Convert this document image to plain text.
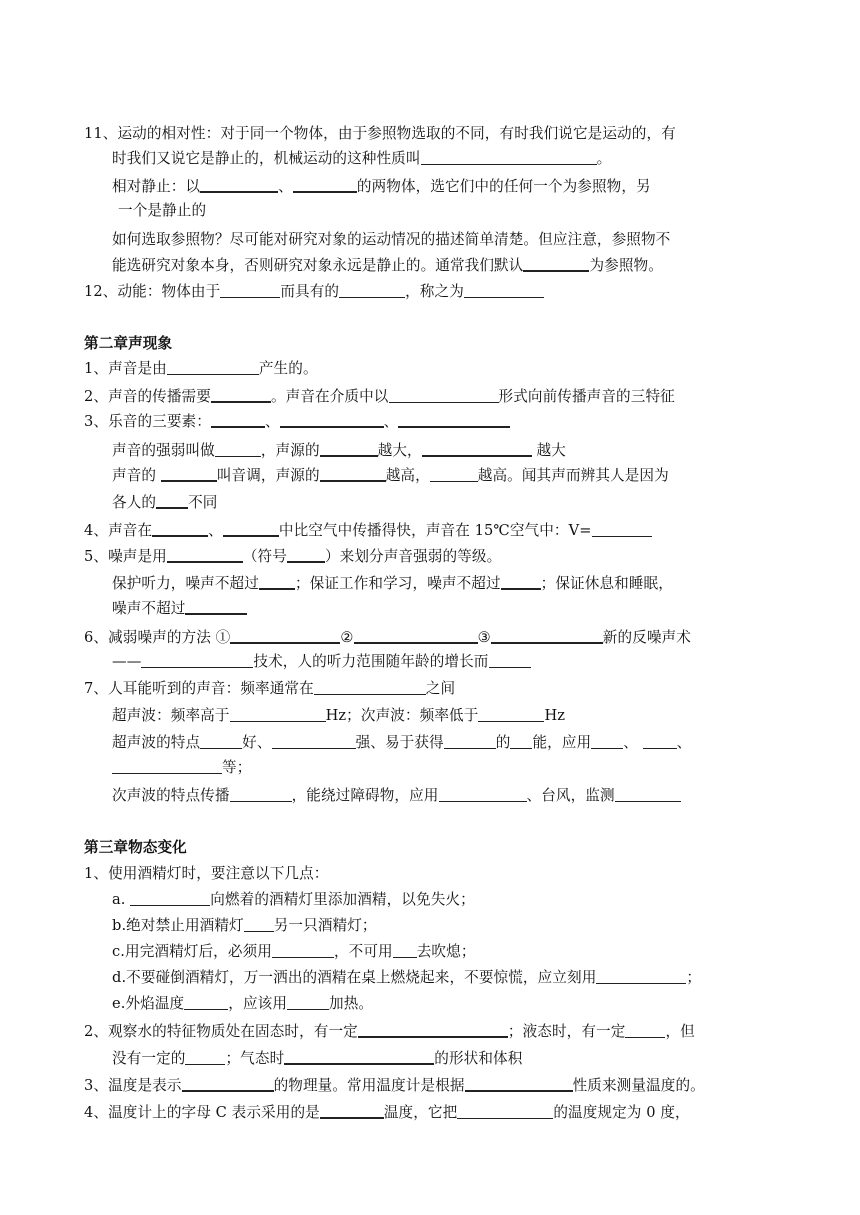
11、运动的相对性：对于同一个物体，由于参照物选取的不同，有时我们说它是运动的，有
时我们又说它是静止的，机械运动的这种性质叫	。
相对静止：以	、	的两物体，选它们中的任何一个为参照物，另
一个是静止的
如何选取参照物？尽可能对研究对象的运动情况的描述简单清楚。但应注意，参照物不
能选研究对象本身，否则研究对象永远是静止的。通常我们默认	为参照物。
12、动能：物体由于	而具有的	，称之为
第二章声现象
1、声音是由	产生的。
2、声音的传播需要	。声音在介质中以	形式向前传播声音的三特征
3、乐音的三要素：	、	、
声音的强弱叫做	，声源的	越大，	越大
声音的	叫音调，声源的	越高，	越高。闻其声而辨其人是因为
各人的 不同
4、声音在	、	中比空气中传播得快，声音在 15℃空气中：V=
5、噪声是用	（符号	）来划分声音强弱的等级。
保护听力，噪声不超过 ；保证工作和学习，噪声不超过	；保证休息和睡眠，
噪声不超过
6、减弱噪声的方法 ①	②	③	新的反噪声术
——	技术，人的听力范围随年龄的增长而
7、人耳能听到的声音：频率通常在	之间
超声波：频率高于	Hz；次声波：频率低于	Hz
超声波的特点	好、	强、易于获得	的 能，应用 、 、
等；
次声波的特点传播	，能绕过障碍物，应用	、台风，监测
第三章物态变化
1、使用酒精灯时，要注意以下几点：
a.	向燃着的酒精灯里添加酒精，以免失火；
b.绝对禁止用酒精灯 另一只酒精灯；
c.用完酒精灯后，必须用	，不可用 去吹熄；
d.不要碰倒酒精灯，万一洒出的酒精在桌上燃烧起来，不要惊慌，应立刻用	；
e.外焰温度	，应该用	加热。
2、观察水的特征物质处在固态时，有一定	；液态时，有一定	，但
没有一定的	；气态时	的形状和体积
3、温度是表示	的物理量。常用温度计是根据	性质来测量温度的。
4、温度计上的字母 C 表示采用的是	温度，它把	的温度规定为 0 度，
